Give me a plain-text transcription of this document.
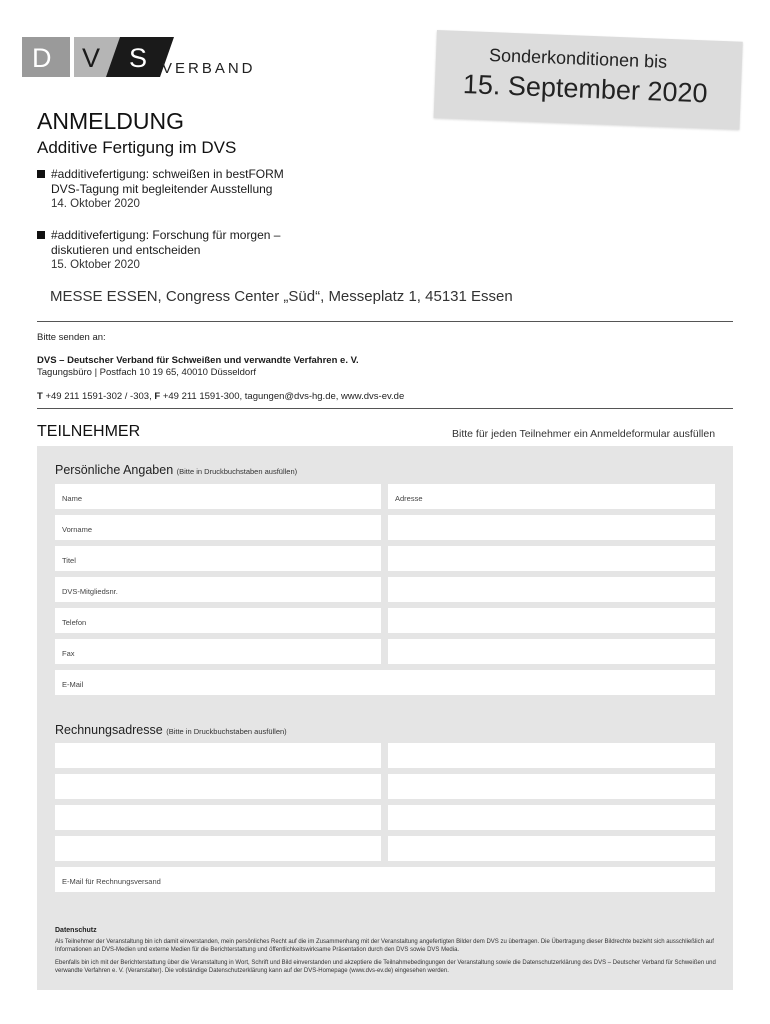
D V S VERBAND	Sonderkonditionen bis
15. September 2020
ANMELDUNG
Additive Fertigung im DVS
#additivefertigung: schweißen in bestFORM
DVS-Tagung mit begleitender Ausstellung
14. Oktober 2020
#additivefertigung: Forschung für morgen –
diskutieren und entscheiden
15. Oktober 2020
MESSE ESSEN, Congress Center „Süd“, Messeplatz 1, 45131 Essen
Bitte senden an:
DVS – Deutscher Verband für Schweißen und verwandte Verfahren e. V.
Tagungsbüro | Postfach 10 19 65, 40010 Düsseldorf
T +49 211 1591-302 / -303, F +49 211 1591-300, tagungen@dvs-hg.de, www.dvs-ev.de
TEILNEHMER	Bitte für jeden Teilnehmer ein Anmeldeformular ausfüllen
Persönliche Angaben (Bitte in Druckbuchstaben ausfüllen)
Name
Vorname
Titel
DVS-Mitgliedsnr.
Telefon
Fax
Adresse
E-Mail
Rechnungsadresse (Bitte in Druckbuchstaben ausfüllen)
E-Mail für Rechnungsversand
Datenschutz
Als Teilnehmer der Veranstaltung bin ich damit einverstanden, mein persönliches Recht auf die im Zusammenhang mit der Veranstaltung angefertigten Bilder dem DVS zu übertragen. Die Übertragung dieser Bildrechte bezieht sich ausschließlich auf Informationen an DVS-Medien und externe Medien für die Berichterstattung und öffentlichkeitswirksame Präsentation durch den DVS sowie DVS Media.
Ebenfalls bin ich mit der Berichterstattung über die Veranstaltung in Wort, Schrift und Bild einverstanden und akzeptiere die Teilnahmebedingungen der Veranstaltung sowie die Datenschutzerklärung des DVS – Deutscher Verband für Schweißen und verwandte Verfahren e. V. (Veranstalter). Die vollständige Datenschutzerklärung kann auf der DVS-Homepage (www.dvs-ev.de) eingesehen werden.
